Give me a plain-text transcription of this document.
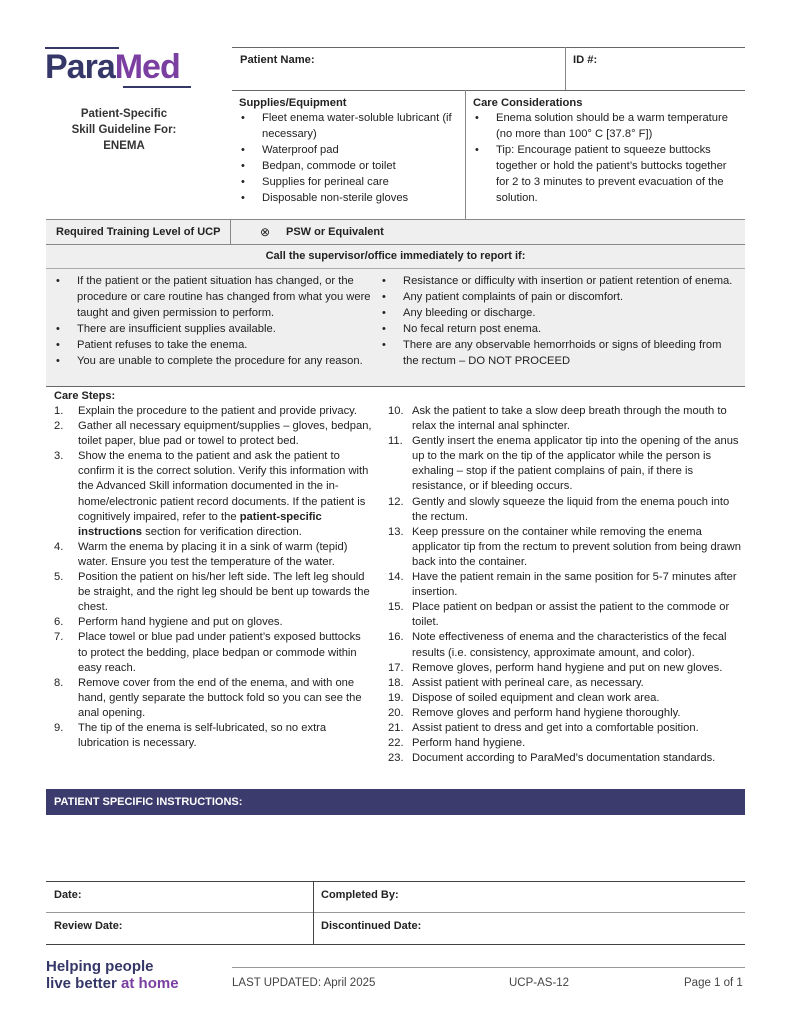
ParaMed
Patient-Specific
Skill Guideline For:
ENEMA
Patient Name:	ID #:
Supplies/Equipment
• Fleet enema water-soluble lubricant (if necessary)
• Waterproof pad
• Bedpan, commode or toilet
• Supplies for perineal care
• Disposable non-sterile gloves
Care Considerations
• Enema solution should be a warm temperature (no more than 100° C [37.8° F])
• Tip: Encourage patient to squeeze buttocks together or hold the patient’s buttocks together for 2 to 3 minutes to prevent evacuation of the solution.
Required Training Level of UCP	⊗ PSW or Equivalent
Call the supervisor/office immediately to report if:
• If the patient or the patient situation has changed, or the procedure or care routine has changed from what you were taught and given permission to perform.
• There are insufficient supplies available.
• Patient refuses to take the enema.
• You are unable to complete the procedure for any reason.
• Resistance or difficulty with insertion or patient retention of enema.
• Any patient complaints of pain or discomfort.
• Any bleeding or discharge.
• No fecal return post enema.
• There are any observable hemorrhoids or signs of bleeding from the rectum – DO NOT PROCEED
Care Steps:
1. Explain the procedure to the patient and provide privacy.
2. Gather all necessary equipment/supplies – gloves, bedpan, toilet paper, blue pad or towel to protect bed.
3. Show the enema to the patient and ask the patient to confirm it is the correct solution. Verify this information with the Advanced Skill information documented in the in-home/electronic patient record documents. If the patient is cognitively impaired, refer to the patient-specific instructions section for verification direction.
4. Warm the enema by placing it in a sink of warm (tepid) water. Ensure you test the temperature of the water.
5. Position the patient on his/her left side. The left leg should be straight, and the right leg should be bent up towards the chest.
6. Perform hand hygiene and put on gloves.
7. Place towel or blue pad under patient’s exposed buttocks to protect the bedding, place bedpan or commode within easy reach.
8. Remove cover from the end of the enema, and with one hand, gently separate the buttock fold so you can see the anal opening.
9. The tip of the enema is self-lubricated, so no extra lubrication is necessary.
10. Ask the patient to take a slow deep breath through the mouth to relax the internal anal sphincter.
11. Gently insert the enema applicator tip into the opening of the anus up to the mark on the tip of the applicator while the person is exhaling – stop if the patient complains of pain, if there is resistance, or if bleeding occurs.
12. Gently and slowly squeeze the liquid from the enema pouch into the rectum.
13. Keep pressure on the container while removing the enema applicator tip from the rectum to prevent solution from being drawn back into the container.
14. Have the patient remain in the same position for 5-7 minutes after insertion.
15. Place patient on bedpan or assist the patient to the commode or toilet.
16. Note effectiveness of enema and the characteristics of the fecal results (i.e. consistency, approximate amount, and color).
17. Remove gloves, perform hand hygiene and put on new gloves.
18. Assist patient with perineal care, as necessary.
19. Dispose of soiled equipment and clean work area.
20. Remove gloves and perform hand hygiene thoroughly.
21. Assist patient to dress and get into a comfortable position.
22. Perform hand hygiene.
23. Document according to ParaMed’s documentation standards.
PATIENT SPECIFIC INSTRUCTIONS:
Date:	Completed By:
Review Date:	Discontinued Date:
Helping people
live better at home	LAST UPDATED: April 2025	UCP-AS-12	Page 1 of 1
